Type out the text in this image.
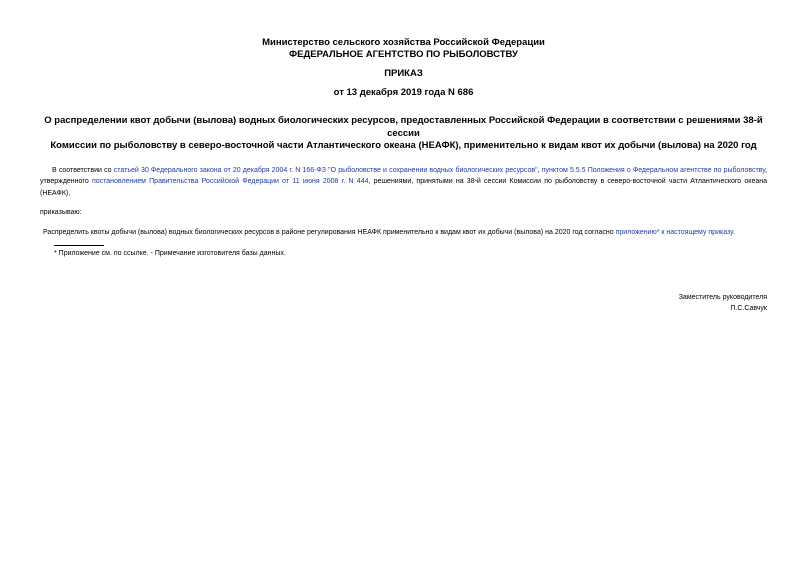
Министерство сельского хозяйства Российской Федерации
ФЕДЕРАЛЬНОЕ АГЕНТСТВО ПО РЫБОЛОВСТВУ
ПРИКАЗ
от 13 декабря 2019 года N 686
О распределении квот добычи (вылова) водных биологических ресурсов, предоставленных Российской Федерации в соответствии с решениями 38-й сессии
Комиссии по рыболовству в северо-восточной части Атлантического океана (НЕАФК), применительно к видам квот их добычи (вылова) на 2020 год
В соответствии со статьей 30 Федерального закона от 20 декабря 2004 г. N 166-ФЗ "О рыболовстве и сохранении водных биологических ресурсов", пунктом 5.5.5 Положения о Федеральном агентстве по рыболовству, утвержденного постановлением Правительства Российской Федерации от 11 июня 2008 г. N 444, решениями, принятыми на 38-й сессии Комиссии по рыболовству в северо-восточной части Атлантического океана (НЕАФК),
приказываю:
Распределить квоты добычи (вылова) водных биологических ресурсов в районе регулирования НЕАФК применительно к видам квот их добычи (вылова) на 2020 год согласно приложению* к настоящему приказу.
* Приложение см. по ссылке. - Примечание изготовителя базы данных.
Заместитель руководителя
П.С.Савчук
